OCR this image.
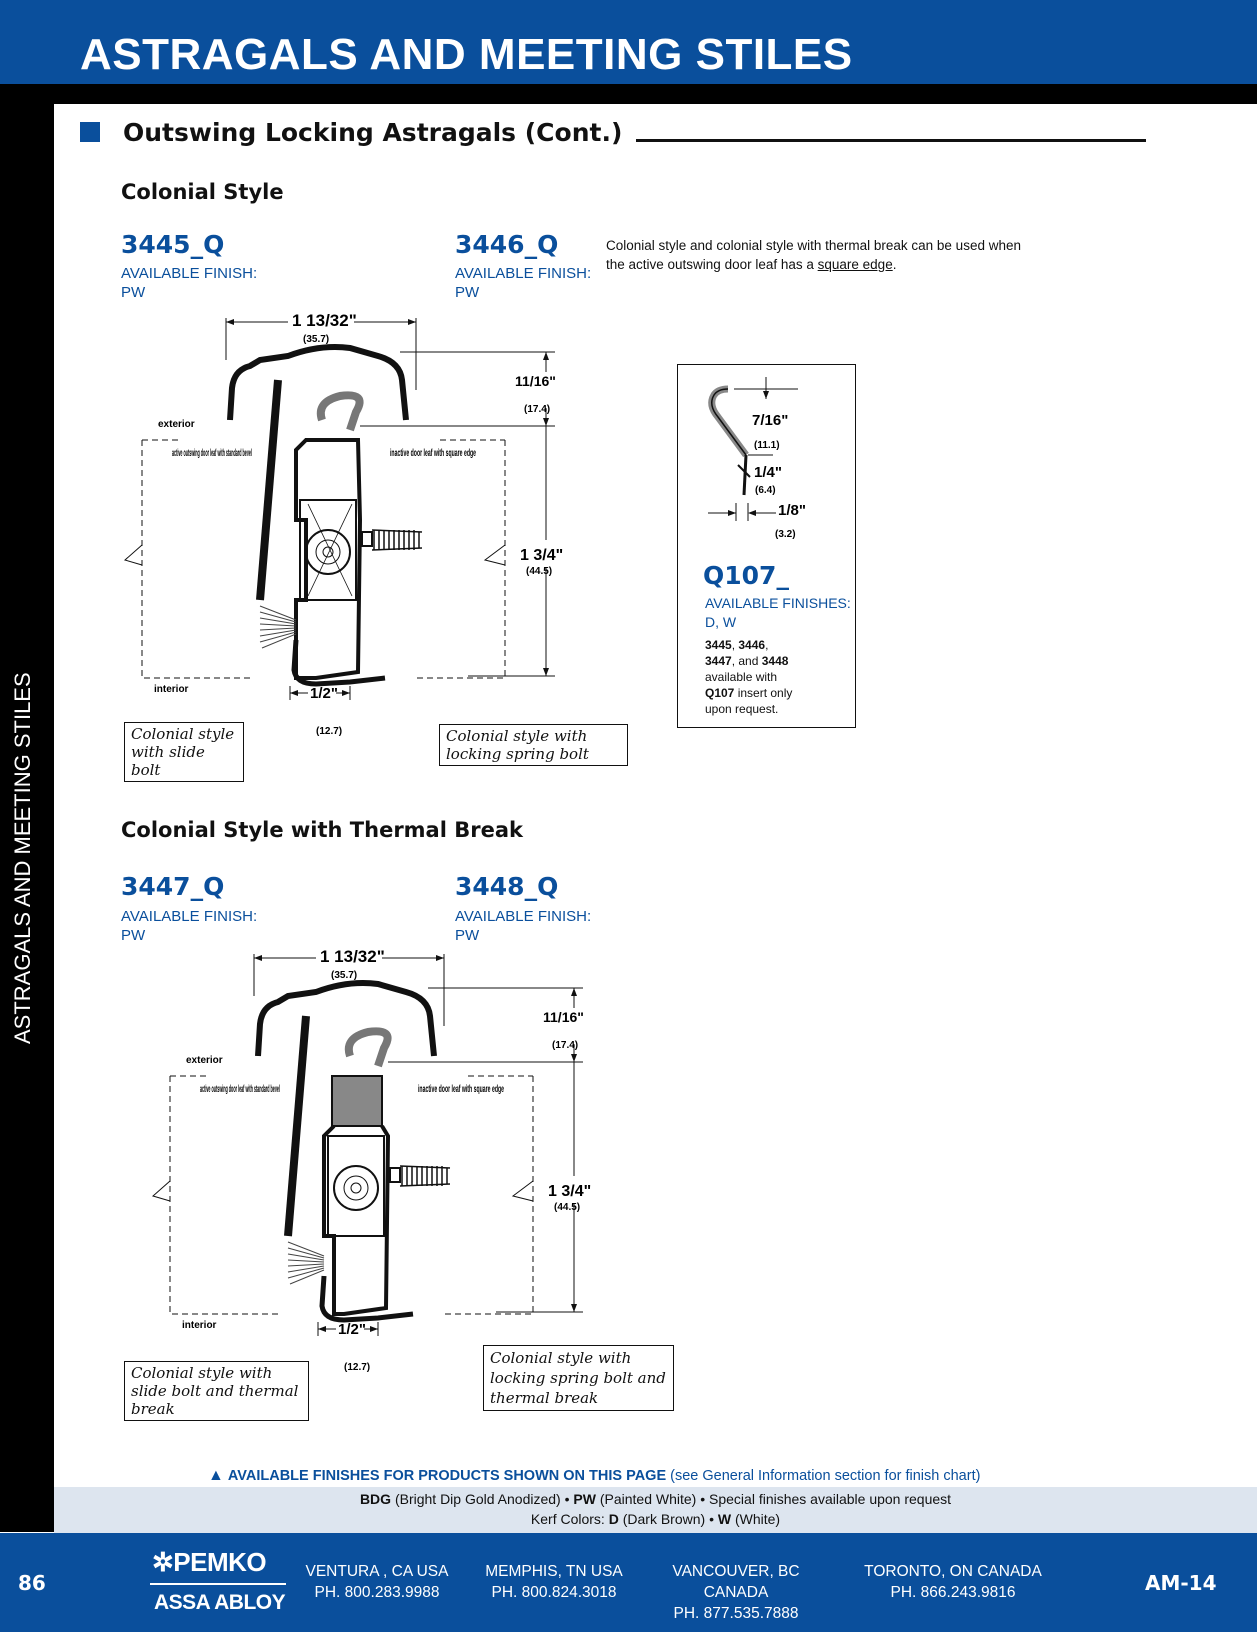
ASTRAGALS AND MEETING STILES
ASTRAGALS AND MEETING STILES
Outswing Locking Astragals (Cont.)
Colonial Style
3445_Q
AVAILABLE FINISH:
PW
3446_Q
AVAILABLE FINISH:
PW
Colonial style and colonial style with thermal break can be used when the active outswing door leaf has a square edge.
1 13/32"
(35.7)
11/16"
(17.4)
1 3/4"
(44.5)
1/2"
(12.7)
exterior
active outswing door leaf with standard bevel	inactive door leaf with square edge
interior
Colonial style with slide bolt
Colonial style with locking spring bolt
7/16"
(11.1)
1/4"
(6.4)
1/8"
(3.2)
Q107_
AVAILABLE FINISHES:
D, W
3445, 3446,
3447, and 3448
available with
Q107 insert only
upon request.
Colonial Style with Thermal Break
3447_Q
AVAILABLE FINISH:
PW
3448_Q
AVAILABLE FINISH:
PW
1 13/32"
(35.7)
11/16"
(17.4)
1 3/4"
(44.5)
1/2"
(12.7)
exterior
active outswing door leaf with standard bevel	inactive door leaf with square edge
interior
Colonial style with slide bolt and thermal break
Colonial style with locking spring bolt and thermal break
▲ AVAILABLE FINISHES FOR PRODUCTS SHOWN ON THIS PAGE (see General Information section for finish chart)
BDG (Bright Dip Gold Anodized) • PW (Painted White) • Special finishes available upon request
Kerf Colors: D (Dark Brown) • W (White)
86
✲PEMKO
ASSA ABLOY
VENTURA , CA USA
PH. 800.283.9988
MEMPHIS, TN USA
PH. 800.824.3018
VANCOUVER, BC CANADA
PH. 877.535.7888
TORONTO, ON CANADA
PH. 866.243.9816	AM-14
